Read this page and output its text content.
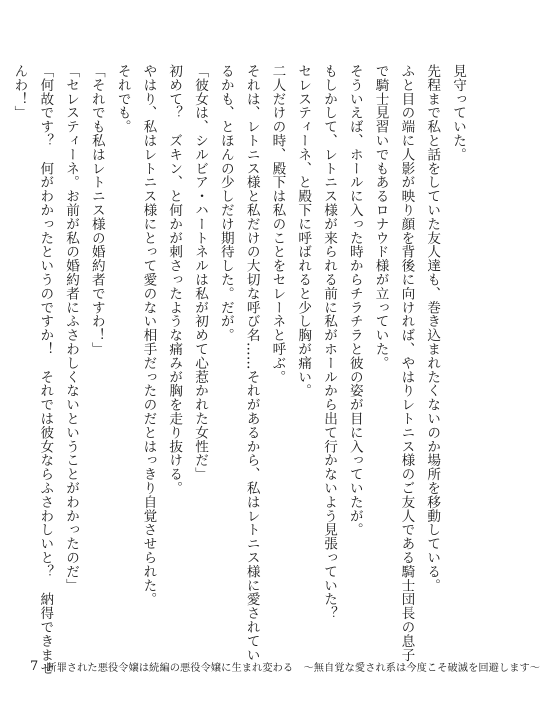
見守っていた。

先程まで私と話をしていた友人達も、巻き込まれたくないのか場所を移動している。

ふと目の端に人影が映り顔を背後に向ければ、やはりレトニス様のご友人である騎士団長の息子

で騎士見習いでもあるロナウド様が立っていた。

そういえば、ホールに入った時からチラチラと彼の姿が目に入っていたが。

もしかして、レトニス様が来られる前に私がホールから出て行かないよう見張っていた？

セレスティーネ、と殿下に呼ばれると少し胸が痛い。

二人だけの時、殿下は私のことをセレーネと呼ぶ。

それは、レトニス様と私だけの大切な呼び名……それがあるから、私はレトニス様に愛されてい

るかも、とほんの少しだけ期待した。だが。

「彼女は、シルビア・ハートネルは私が初めて心惹かれた女性だ」

初めて？　ズキン、と何かが刺さったような痛みが胸を走り抜ける。

やはり、私はレトニス様にとって愛のない相手だったのだとはっきり自覚させられた。

それでも。

「それでも私はレトニス様の婚約者ですわ！」

「セレスティーネ。お前が私の婚約者にふさわしくないということがわかったのだ」

「何故です？　何がわかったというのですか！　それでは彼女ならふさわしいと？　納得できませ

んわ！」

7 断罪された悪役令嬢は続編の悪役令嬢に生まれ変わる　〜無自覚な愛され系は今度こそ破滅を回避します〜
